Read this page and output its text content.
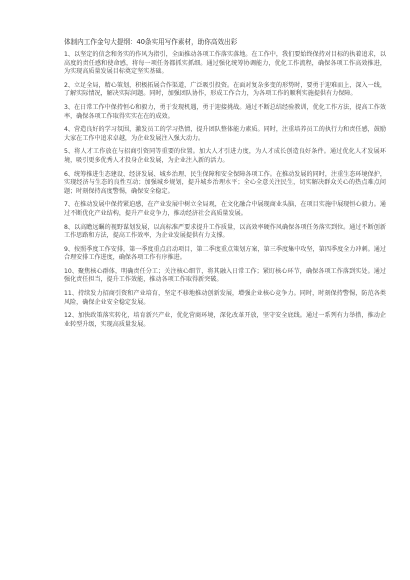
体制内工作金句大提纲：40条实用写作素材，助你高效出彩

1、以坚定的信念和务实的作风为指引，全面推动各项工作落实落地。在工作中，我们要始终保持对目标的执着追求，以高度的责任感和使命感，将每一项任务都抓实抓细。通过强化统筹协调能力，优化工作流程，确保各项工作高效推进，为实现高质量发展目标奠定坚实基础。

2、立足全局，精心策划，积极拓展合作渠道，广泛吸引投资。在面对复杂多变的形势时，要勇于迎难而上，深入一线，了解实际情况，解决实际问题。同时，加强团队协作，形成工作合力，为各项工作的顺利实施提供有力保障。

3、在日常工作中保持恒心和毅力，勇于发现机遇，勇于迎接挑战。通过不断总结经验教训，优化工作方法，提高工作效率，确保各项工作取得实实在在的成效。

4、营造良好的学习氛围，激发员工的学习热情，提升团队整体能力素质。同时，注重培养员工的执行力和责任感，鼓励大家在工作中追求卓越，为企业发展注入强大动力。

5、将人才工作放在与招商引资同等重要的位置。加大人才引进力度，为人才成长创造良好条件。通过优化人才发展环境，吸引更多优秀人才投身企业发展，为企业注入新的活力。

6、统筹推进生态建设、经济发展、城乡治理、民生保障和安全保障各项工作。在推动发展的同时，注重生态环境保护，实现经济与生态的良性互动；加强城乡规划，提升城乡治理水平；全心全意关注民生，切实解决群众关心的热点难点问题；时刻保持高度警惕，确保安全稳定。

7、在推动发展中保持紧迫感，在产业发展中树立全局观，在文化融合中展现商业头脑，在项目实施中展现恒心毅力。通过不断优化产业结构，提升产业竞争力，推动经济社会高质量发展。

8、以高瞻远瞩的视野谋划发展，以高标准严要求提升工作质量，以高效率硬作风确保各项任务落实到位。通过不断创新工作思路和方法，提高工作效率，为企业发展提供有力支撑。

9、按照季度工作安排，第一季度重点启动项目，第二季度重点策划方案，第三季度集中攻坚，第四季度全力冲刺。通过合理安排工作进度，确保各项工作有序推进。

10、聚焦核心群体，明确责任分工；关注核心细节，将其融入日常工作；紧盯核心环节，确保各项工作落到实处。通过强化责任担当，提升工作效能，推动各项工作取得新突破。

11、持续发力招商引资和产业培育，坚定不移地推动创新发展，增强企业核心竞争力。同时，时刻保持警惕，防范各类风险，确保企业安全稳定发展。

12、加快政策落实转化，培育新兴产业，优化营商环境，深化改革开放，坚守安全底线。通过一系列有力举措，推动企业转型升级，实现高质量发展。
